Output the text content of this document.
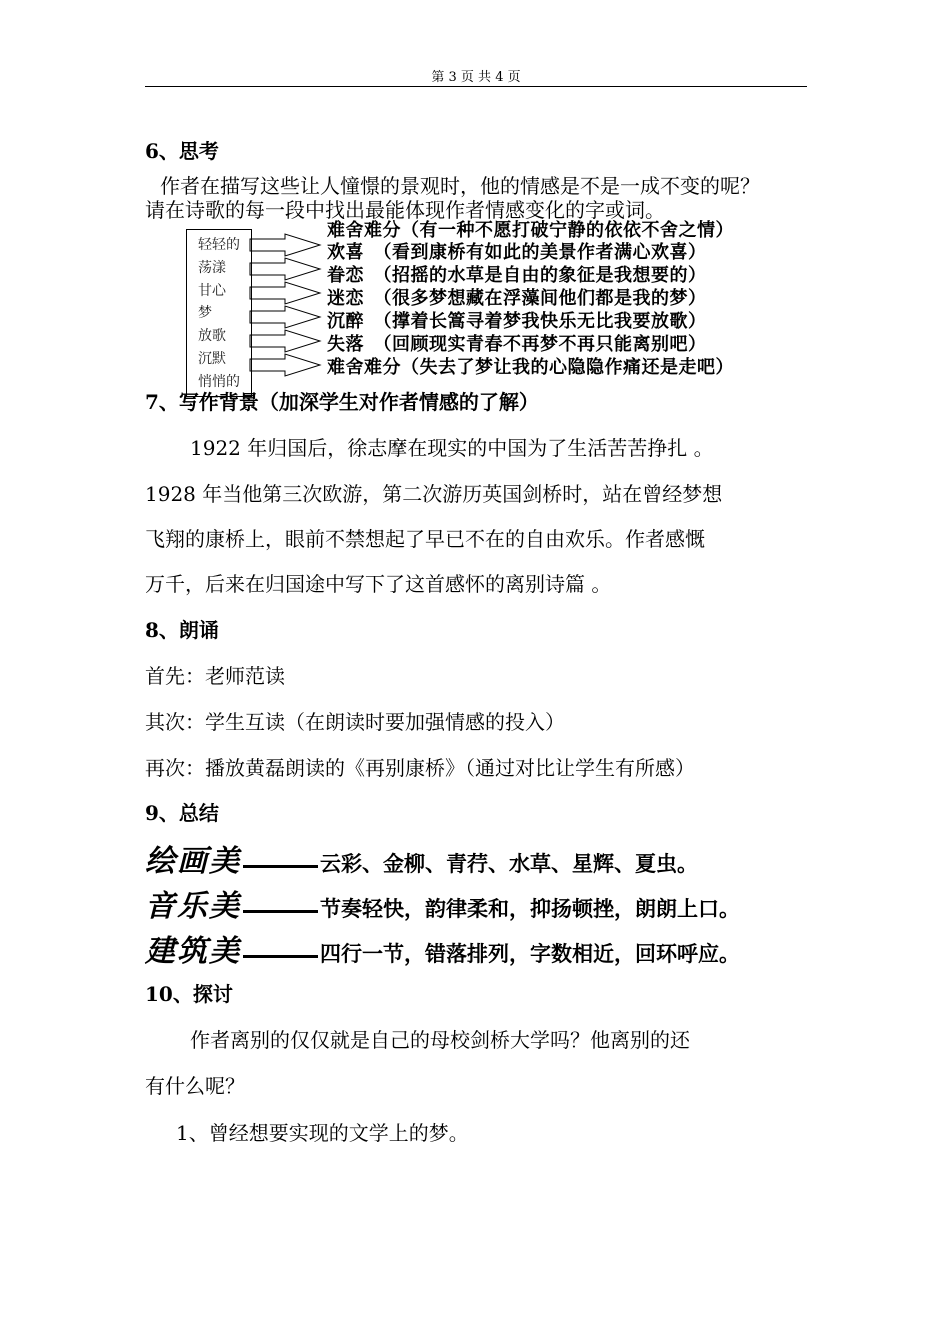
第 3 页 共 4 页
6、思考
作者在描写这些让人憧憬的景观时，他的情感是不是一成不变的呢？
请在诗歌的每一段中找出最能体现作者情感变化的字或词。
轻轻的
荡漾
甘心
梦
放歌
沉默
悄悄的
难舍难分（有一种不愿打破宁静的依依不舍之情）
欢喜　（看到康桥有如此的美景作者满心欢喜）
眷恋　（招摇的水草是自由的象征是我想要的）
迷恋　（很多梦想藏在浮藻间他们都是我的梦）
沉醉　（撑着长篙寻着梦我快乐无比我要放歌）
失落　（回顾现实青春不再梦不再只能离别吧）
难舍难分（失去了梦让我的心隐隐作痛还是走吧）
7、写作背景（加深学生对作者情感的了解）
1922 年归国后，徐志摩在现实的中国为了生活苦苦挣扎 。
1928 年当他第三次欧游，第二次游历英国剑桥时，站在曾经梦想
飞翔的康桥上，眼前不禁想起了早已不在的自由欢乐。作者感慨
万千，后来在归国途中写下了这首感怀的离别诗篇 。
8、朗诵
首先：老师范读
其次：学生互读（在朗读时要加强情感的投入）
再次：播放黄磊朗读的《再别康桥》（通过对比让学生有所感）
9、总结
绘画美	云彩、金柳、青荇、水草、星辉、夏虫。
音乐美	节奏轻快，韵律柔和，抑扬顿挫，朗朗上口。
建筑美	四行一节，错落排列，字数相近，回环呼应。
10、探讨
作者离别的仅仅就是自己的母校剑桥大学吗？他离别的还
有什么呢？
1、曾经想要实现的文学上的梦。
